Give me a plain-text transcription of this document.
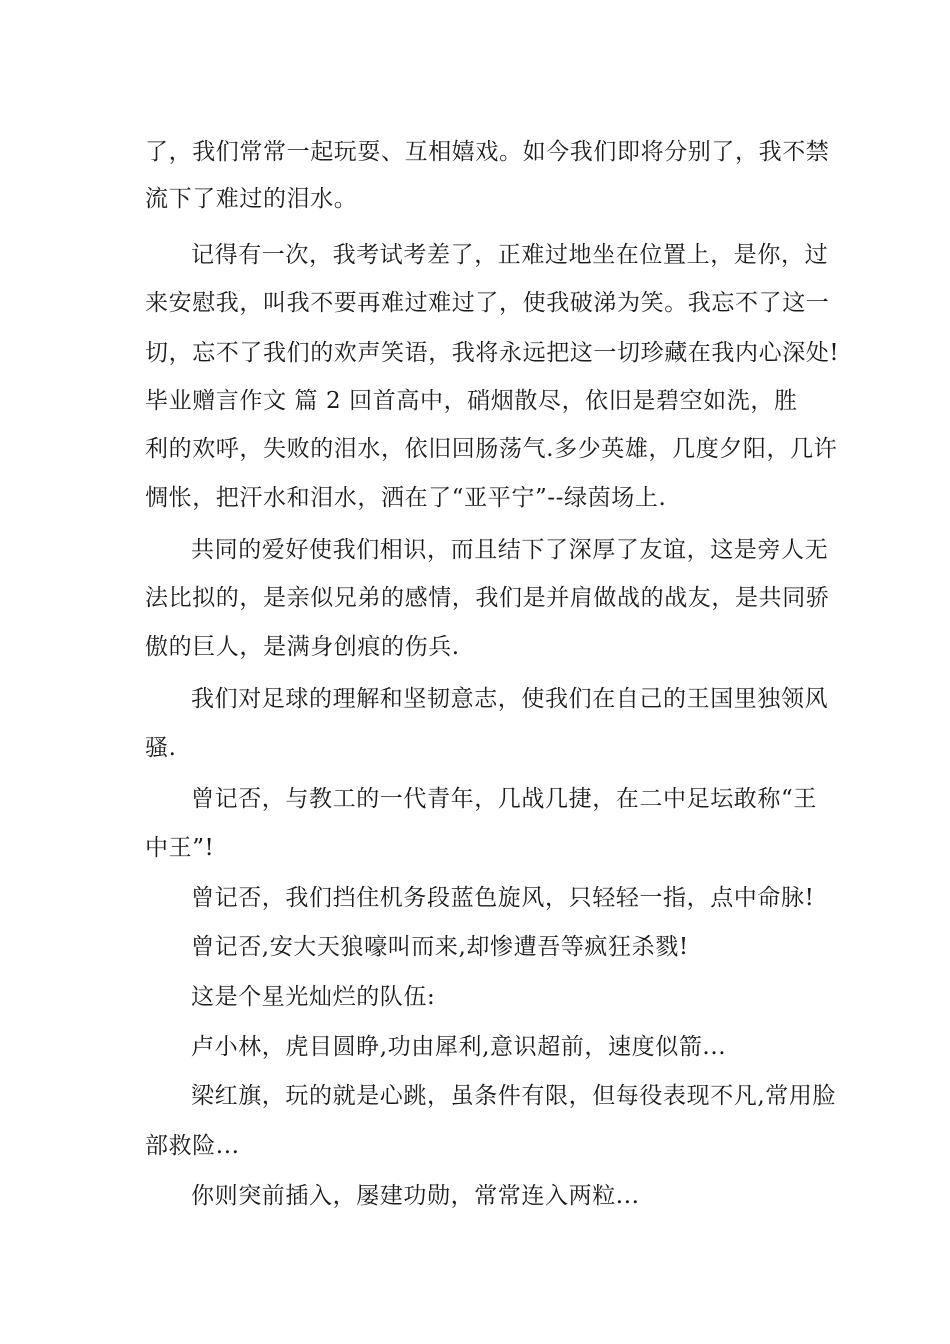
了，我们常常一起玩耍、互相嬉戏。如今我们即将分别了，我不禁
流下了难过的泪水。
记得有一次，我考试考差了，正难过地坐在位置上，是你，过
来安慰我，叫我不要再难过难过了，使我破涕为笑。我忘不了这一
切，忘不了我们的欢声笑语，我将永远把这一切珍藏在我内心深处!
毕业赠言作文 篇 2 回首高中，硝烟散尽，依旧是碧空如洗，胜
利的欢呼，失败的泪水，依旧回肠荡气.多少英雄，几度夕阳，几许
惆怅，把汗水和泪水，洒在了“亚平宁”--绿茵场上.
共同的爱好使我们相识，而且结下了深厚了友谊，这是旁人无
法比拟的，是亲似兄弟的感情，我们是并肩做战的战友，是共同骄
傲的巨人，是满身创痕的伤兵.
我们对足球的理解和坚韧意志，使我们在自己的王国里独领风
骚.
曾记否，与教工的一代青年，几战几捷，在二中足坛敢称“王
中王”!
曾记否，我们挡住机务段蓝色旋风，只轻轻一指，点中命脉!
曾记否,安大天狼嚎叫而来,却惨遭吾等疯狂杀戮!
这是个星光灿烂的队伍:
卢小林，虎目圆睁,功由犀利,意识超前，速度似箭...
梁红旗，玩的就是心跳，虽条件有限，但每役表现不凡,常用脸
部救险...
你则突前插入，屡建功勋，常常连入两粒...
